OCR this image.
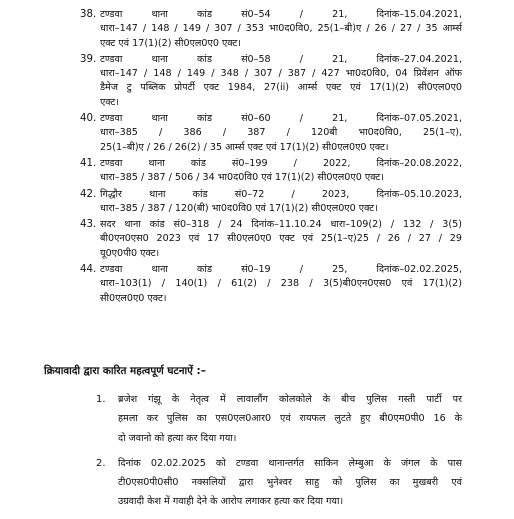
38. टण्डवा थाना कांड सं0–54 / 21, दिनांक–15.04.2021,
धारा–147 / 148 / 149 / 307 / 353 भा0द0वि0, 25(1–बी)ए / 26 / 27 / 35 आर्म्स
एक्ट एवं 17(1)(2) सी0एल0ए0 एक्ट।
39. टण्डवा थाना कांड सं0–58 / 21, दिनांक–27.04.2021,
धारा–147 / 148 / 149 / 348 / 307 / 387 / 427 भा0द0वि0, 04 प्रिवेंशन ऑफ
डैमेज टु पब्लिक प्रोपर्टी एक्ट 1984, 27(ii) आर्म्स एक्ट एवं 17(1)(2) सी0एल0ए0
एक्ट।
40. टण्डवा थाना कांड सं0–60 / 21, दिनांक–07.05.2021,
धारा–385 / 386 / 387 / 120बी भा0द0वि0, 25(1–ए),
25(1–बी)ए / 26 / 26(2) / 35 आर्म्स एक्ट एवं 17(1)(2) सी0एल0ए0 एक्ट।
41. टण्डवा थाना कांड सं0–199 / 2022, दिनांक–20.08.2022,
धारा–385 / 387 / 506 / 34 भा0द0वि0 एवं 17(1)(2) सी0एल0ए0 एक्ट।
42. गिद्धौर थाना कांड सं0–72 / 2023, दिनांक–05.10.2023,
धारा–385 / 387 / 120(बी) भा0द0वि0 एवं 17(1)(2) सी0एल0ए0 एक्ट।
43. सदर थाना कांड सं0–318 / 24 दिनांक–11.10.24 धारा–109(2) / 132 / 3(5)
बी0एन0एस0 2023 एवं 17 सी0एल0ए0 एक्ट एवं 25(1–ए)25 / 26 / 27 / 29
यू0ए0पी0 एक्ट।
44. टण्डवा थाना कांड सं0–19 / 25, दिनांक–02.02.2025,
धारा–103(1) / 140(1) / 61(2) / 238 / 3(5)बी0एन0एस0 एवं 17(1)(2)
सी0एल0ए0 एक्ट।
क्रियावादी द्वारा कारित महत्वपूर्ण घटनाऐं :–
1. ब्रजेश गंझू के नेतृत्व में लावालौंग कोलकोले के बीच पुलिस गस्ती पार्टी पर
हमला कर पुलिस का एस0एल0आर0 एवं रायफल लुटते हुए बी0एम0पी0 16 के
दो जवानो को हत्या कर दिया गया।
2. दिनांक 02.02.2025 को टण्डवा थानान्तर्गत साकिन लेम्बुआ के जंगल के पास
टी0एस0पी0सी0 नक्सलियों द्वारा भुनेश्वर साहु को पुलिस का मुखबरी एवं
उग्रवादी केश में गवाही देने के आरोप लगाकर हत्या कर दिया गया।
